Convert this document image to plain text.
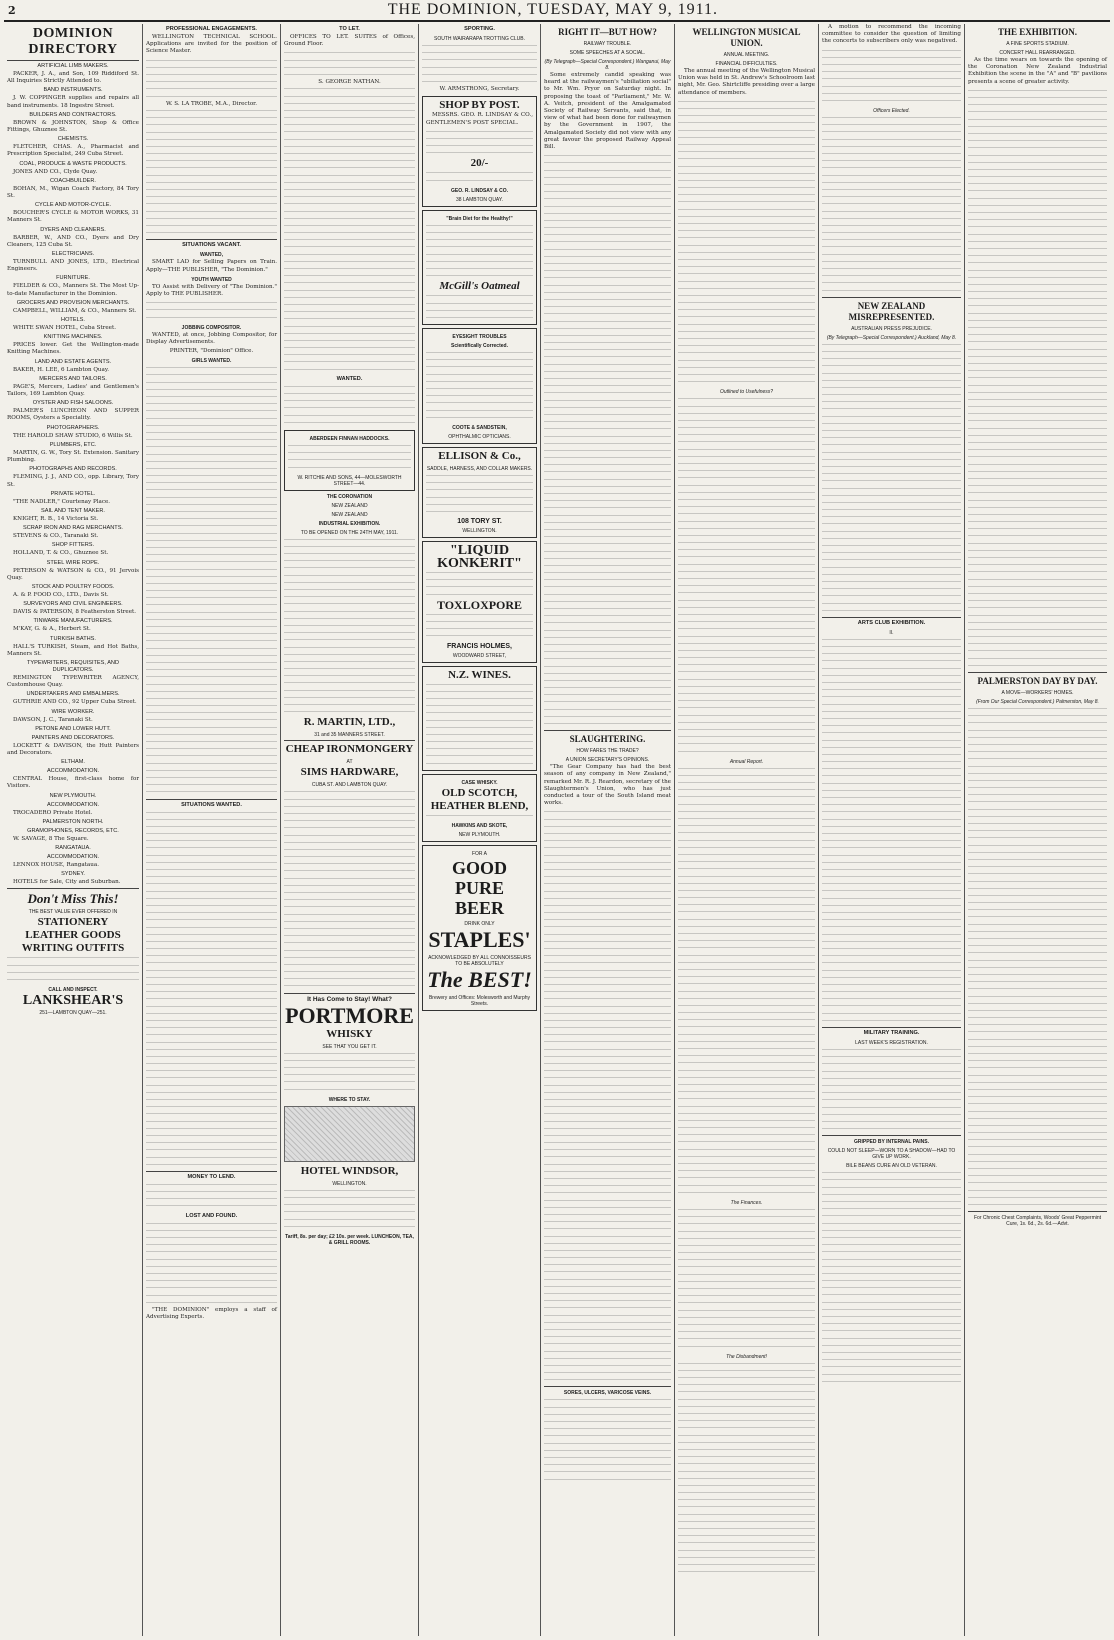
2	THE DOMINION, TUESDAY, MAY 9, 1911.
DOMINION DIRECTORY
ARTIFICIAL LIMB MAKERS.

PACKER, J. A., and Son, 109 Riddiford St. All Inquiries Strictly Attended to.

BAND INSTRUMENTS.

J. W. COPPINGER supplies and repairs all band instruments. 18 Ingestre Street.

BUILDERS AND CONTRACTORS.

BROWN & JOHNSTON, Shop & Office Fittings, Ghuznee St.

CHEMISTS.

FLETCHER, CHAS. A., Pharmacist and Prescription Specialist, 249 Cuba Street.

COAL, PRODUCE & WASTE PRODUCTS.

JONES AND CO., Clyde Quay.

COACHBUILDER.

BOHAN, M., Wigan Coach Factory, 84 Tory St.

CYCLE AND MOTOR-CYCLE.

BOUCHER'S CYCLE & MOTOR WORKS, 31 Manners St.

DYERS AND CLEANERS.

BARBER, W., AND CO., Dyers and Dry Cleaners, 125 Cuba St.

ELECTRICIANS.

TURNBULL AND JONES, LTD., Electrical Engineers.

FURNITURE.

FIELDER & CO., Manners St. The Most Up-to-date Manufacturer in the Dominion.

GROCERS AND PROVISION MERCHANTS.

CAMPBELL, WILLIAM, & CO., Manners St.

HOTELS.

WHITE SWAN HOTEL, Cuba Street.

KNITTING MACHINES.

PRICES lower. Get the Wellington-made Knitting Machines.

LAND AND ESTATE AGENTS.

BAKER, H. LEE, 6 Lambton Quay.

MERCERS AND TAILORS.

PAGE'S, Mercers, Ladies' and Gentlemen's Tailors, 169 Lambton Quay.

OYSTER AND FISH SALOONS.

PALMER'S LUNCHEON AND SUPPER ROOMS, Oysters a Speciality.

PHOTOGRAPHERS.

THE HAROLD SHAW STUDIO, 6 Willis St.

PLUMBERS, ETC.

MARTIN, G. W., Tory St. Extension. Sanitary Plumbing.

PHOTOGRAPHS AND RECORDS.

FLEMING, J. J., AND CO., opp. Library, Tory St.

PRIVATE HOTEL.

"THE NADLER," Courtenay Place.

SAIL AND TENT MAKER.

KNIGHT, R. B., 14 Victoria St.

SCRAP IRON AND RAG MERCHANTS.

STEVENS & CO., Taranaki St.

SHOP FITTERS.

HOLLAND, T. & CO., Ghuznee St.

STEEL WIRE ROPE.

PETERSON & WATSON & CO., 91 Jervois Quay.

STOCK AND POULTRY FOODS.

A. & P. FOOD CO., LTD., Davis St.

SURVEYORS AND CIVIL ENGINEERS.

DAVIS & PATERSON, 8 Featherston Street.

TINWARE MANUFACTURERS.

M'KAY, G. & A., Herbert St.

TURKISH BATHS.

HALL'S TURKISH, Steam, and Hot Baths, Manners St.

TYPEWRITERS, REQUISITES, AND DUPLICATORS.

REMINGTON TYPEWRITER AGENCY, Customhouse Quay.

UNDERTAKERS AND EMBALMERS.

GUTHRIE AND CO., 92 Upper Cuba Street.

WIRE WORKER.

DAWSON, J. C., Taranaki St.

PETONE AND LOWER HUTT.
PAINTERS AND DECORATORS.

LOCKETT & DAVISON, the Hutt Painters and Decorators.

ELTHAM.
ACCOMMODATION.

CENTRAL House, first-class home for Visitors.

NEW PLYMOUTH.
ACCOMMODATION.

TROCADERO Private Hotel.

PALMERSTON NORTH.
GRAMOPHONES, RECORDS, ETC.

W. SAVAGE, 8 The Square.

RANGATAUA.
ACCOMMODATION.

LENNOX HOUSE, Rangataua.

SYDNEY.

HOTELS for Sale, City and Suburban.

Don't Miss This!
THE BEST VALUE EVER OFFERED IN
STATIONERY
LEATHER GOODS
WRITING OUTFITS
CALL AND INSPECT.
LANKSHEAR'S
251—LAMBTON QUAY—251.
PROFESSIONAL ENGAGEMENTS.

WELLINGTON TECHNICAL SCHOOL. Applications are invited for the position of Science Master.

W. S. LA TROBE, M.A., Director.
SITUATIONS VACANT.
WANTED,

SMART LAD for Selling Papers on Train. Apply—THE PUBLISHER, "The Dominion."

YOUTH WANTED

TO Assist with Delivery of "The Dominion." Apply to THE PUBLISHER.

JOBBING COMPOSITOR.

WANTED, at once, Jobbing Compositor, for Display Advertisements.

PRINTER, "Dominion" Office.
GIRLS WANTED.
SITUATIONS WANTED.
MONEY TO LEND.
LOST AND FOUND.

"THE DOMINION" employs a staff of Advertising Experts.

TO LET.

OFFICES TO LET. SUITES of Offices, Ground Floor.

S. GEORGE NATHAN.
WANTED.
ABERDEEN FINNAN HADDOCKS.
W. RITCHIE AND SONS, 44—MOLESWORTH STREET—44.
THE CORONATION
NEW ZEALAND
NEW ZEALAND
INDUSTRIAL EXHIBITION.
TO BE OPENED ON THE 24TH MAY, 1911.
R. MARTIN, LTD.,
31 and 35 MANNERS STREET.
CHEAP IRONMONGERY
AT
SIMS HARDWARE,
CUBA ST. AND LAMBTON QUAY.
It Has Come to Stay! What?
PORTMORE
WHISKY
SEE THAT YOU GET IT.
WHERE TO STAY.
HOTEL WINDSOR,
WELLINGTON.
Tariff, 8s. per day; £2 10s. per week. LUNCHEON, TEA, & GRILL ROOMS.
SPORTING.
SOUTH WAIRARAPA TROTTING CLUB.
W. ARMSTRONG, Secretary.
SHOP BY POST.

MESSRS. GEO. R. LINDSAY & CO., GENTLEMEN'S POST SPECIAL.

20/-
GEO. R. LINDSAY & CO.
38 LAMBTON QUAY.
"Brain Diet for the Healthy!"
McGill's Oatmeal
EYESIGHT TROUBLES
Scientifically Corrected.
COOTE & SANDSTEIN,
OPHTHALMIC OPTICIANS.
ELLISON & Co.,
SADDLE, HARNESS, AND COLLAR MAKERS.
108 TORY ST.
WELLINGTON.
"LIQUID
KONKERIT"
TOXLOXPORE
FRANCIS HOLMES,
WOODWARD STREET,
N.Z. WINES.
CASE WHISKY.
OLD SCOTCH,
HEATHER BLEND,
HAWKINS AND SKOTE,
NEW PLYMOUTH.
FOR A
GOOD
PURE
BEER
DRINK ONLY
STAPLES'
ACKNOWLEDGED BY ALL CONNOISSEURS TO BE ABSOLUTELY
The BEST!
Brewery and Offices: Molesworth and Murphy Streets.
RIGHT IT—BUT HOW?
RAILWAY TROUBLE.
SOME SPEECHES AT A SOCIAL.
(By Telegraph—Special Correspondent.) Wanganui, May 8.

Some extremely candid speaking was heard at the railwaymen's "ubiliation social" to Mr. Wm. Pryor on Saturday night. In proposing the toast of "Parliament," Mr. W. A. Veitch, president of the Amalgamated Society of Railway Servants, said that, in view of what had been done for railwaymen by the Government in 1907, the Amalgamated Society did not view with any great favour the proposed Railway Appeal Bill.

SLAUGHTERING.
HOW FARES THE TRADE?
A UNION SECRETARY'S OPINIONS.

"The Gear Company has had the best season of any company in New Zealand," remarked Mr. R. J. Reardon, secretary of the Slaughtermen's Union, who has just conducted a tour of the South Island meat works.

SORES, ULCERS, VARICOSE VEINS.
WELLINGTON MUSICAL UNION.
ANNUAL MEETING.
FINANCIAL DIFFICULTIES.

The annual meeting of the Wellington Musical Union was held in St. Andrew's Schoolroom last night, Mr. Geo. Shirtcliffe presiding over a large attendance of members.

Outlined to Usefulness?
Annual Report.
The Finances.
The Disbandment!

A motion to recommend the incoming committee to consider the question of limiting the concerts to subscribers only was negatived.

Officers Elected.
NEW ZEALAND MISREPRESENTED.
AUSTRALIAN PRESS PREJUDICE.
(By Telegraph—Special Correspondent.) Auckland, May 8.
ARTS CLUB EXHIBITION.
II.
MILITARY TRAINING.
LAST WEEK'S REGISTRATION.
GRIPPED BY INTERNAL PAINS.
COULD NOT SLEEP—WORN TO A SHADOW—HAD TO GIVE UP WORK.
BILE BEANS CURE AN OLD VETERAN.
THE EXHIBITION.
A FINE SPORTS STADIUM.
CONCERT HALL REARRANGED.

As the time wears on towards the opening of the Coronation New Zealand Industrial Exhibition the scene in the "A" and "B" pavilions presents a scene of greater activity.

PALMERSTON DAY BY DAY.
A MOVE—WORKERS' HOMES.
(From Our Special Correspondent.) Palmerston, May 8.
For Chronic Chest Complaints, Woods' Great Peppermint Cure, 1s. 6d., 2s. 6d.—Advt.
